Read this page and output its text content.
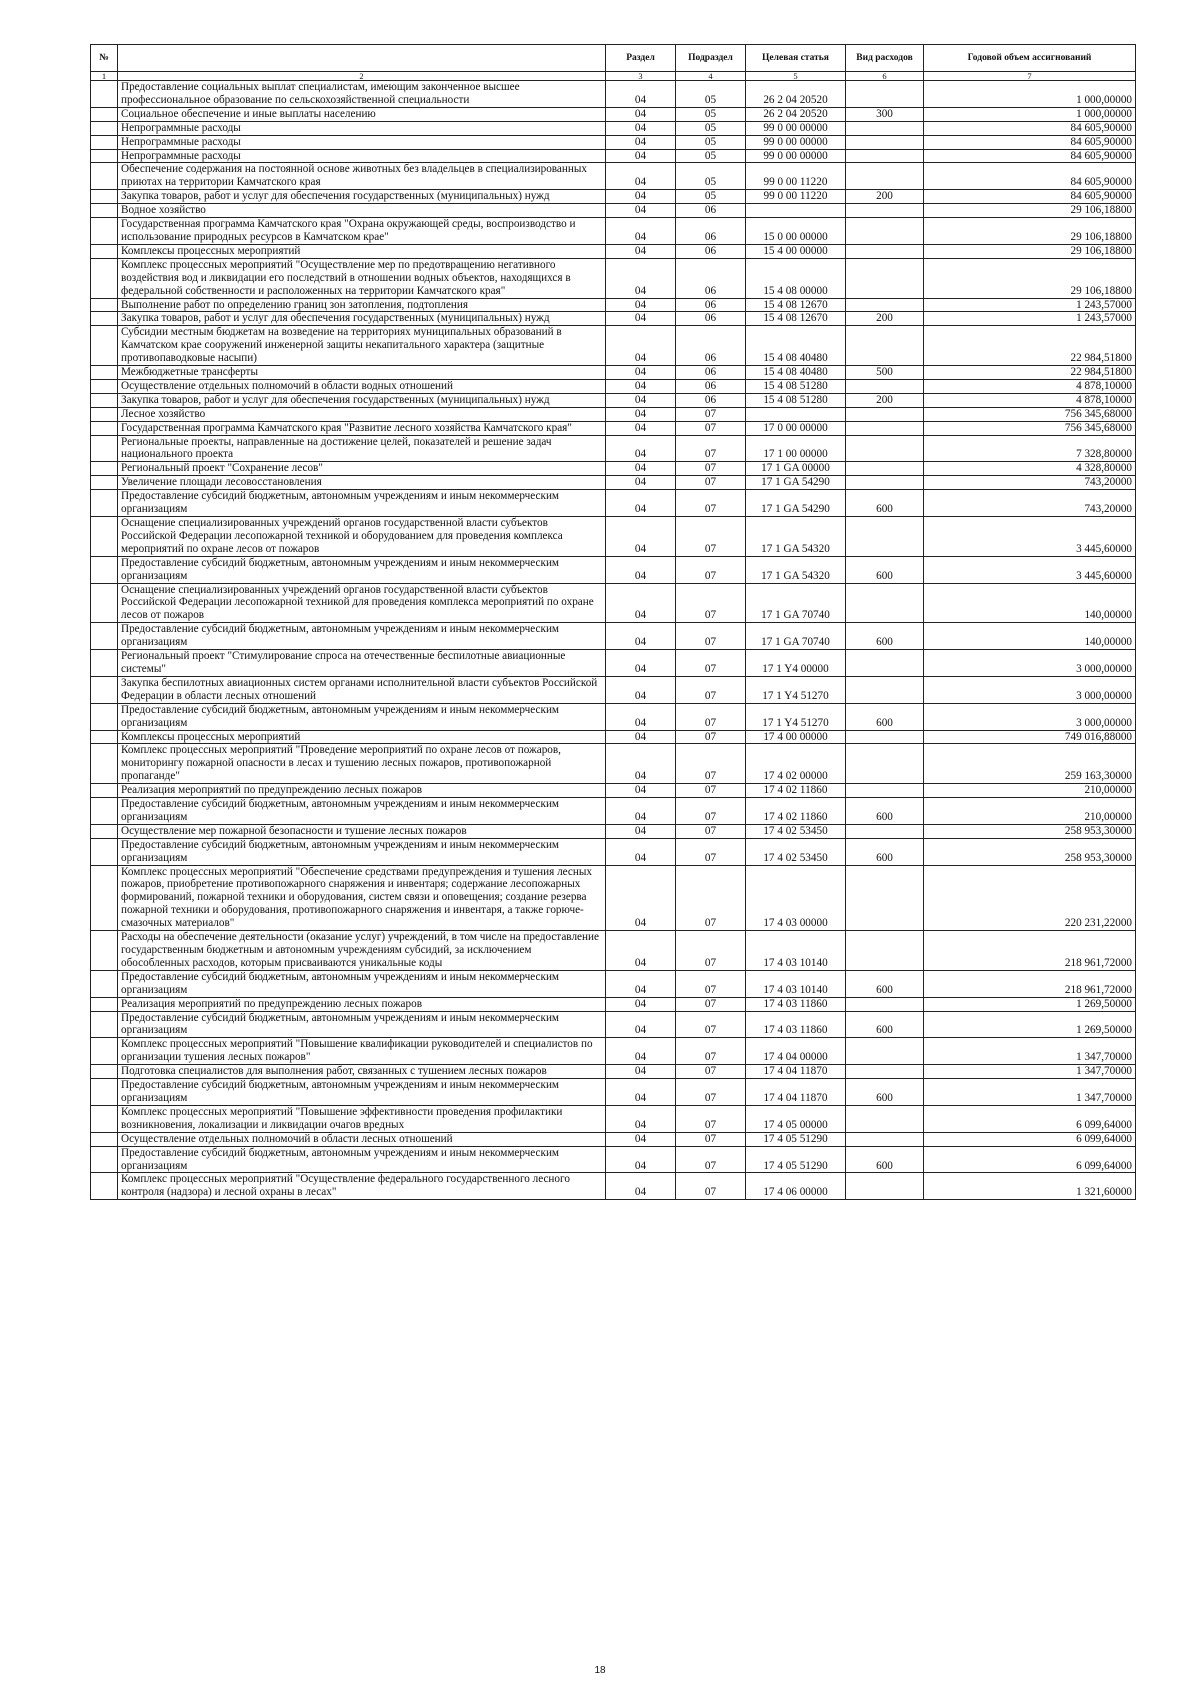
№		Раздел	Подраздел	Целевая статья	Вид расходов	Годовой объем ассигнований
1	2	3	4	5	6	7
	Предоставление социальных выплат специалистам, имеющим законченное высшее профессиональное образование по сельскохозяйственной специальности	04	05	26 2 04 20520		1 000,00000
	Социальное обеспечение и иные выплаты населению	04	05	26 2 04 20520	300	1 000,00000
	Непрограммные расходы	04	05	99 0 00 00000		84 605,90000
	Непрограммные расходы	04	05	99 0 00 00000		84 605,90000
	Непрограммные расходы	04	05	99 0 00 00000		84 605,90000
	Обеспечение содержания на постоянной основе животных без владельцев в специализированных приютах на территории Камчатского края	04	05	99 0 00 11220		84 605,90000
	Закупка товаров, работ и услуг для обеспечения государственных (муниципальных) нужд	04	05	99 0 00 11220	200	84 605,90000
	Водное хозяйство	04	06			29 106,18800
	Государственная программа Камчатского края "Охрана окружающей среды, воспроизводство и использование природных ресурсов в Камчатском крае"	04	06	15 0 00 00000		29 106,18800
	Комплексы процессных мероприятий	04	06	15 4 00 00000		29 106,18800
	Комплекс процессных мероприятий "Осуществление мер по предотвращению негативного воздействия вод и ликвидации его последствий в отношении водных объектов, находящихся в федеральной собственности и расположенных на территории Камчатского края"	04	06	15 4 08 00000		29 106,18800
	Выполнение работ по определению границ зон затопления, подтопления	04	06	15 4 08 12670		1 243,57000
	Закупка товаров, работ и услуг для обеспечения государственных (муниципальных) нужд	04	06	15 4 08 12670	200	1 243,57000
	Субсидии местным бюджетам на возведение на территориях муниципальных образований в Камчатском крае сооружений инженерной защиты некапитального характера (защитные противопаводковые насыпи)	04	06	15 4 08 40480		22 984,51800
	Межбюджетные трансферты	04	06	15 4 08 40480	500	22 984,51800
	Осуществление отдельных полномочий в области водных отношений	04	06	15 4 08 51280		4 878,10000
	Закупка товаров, работ и услуг для обеспечения государственных (муниципальных) нужд	04	06	15 4 08 51280	200	4 878,10000
	Лесное хозяйство	04	07			756 345,68000
	Государственная программа Камчатского края "Развитие лесного хозяйства Камчатского края"	04	07	17 0 00 00000		756 345,68000
	Региональные проекты, направленные на достижение целей, показателей и решение задач национального проекта	04	07	17 1 00 00000		7 328,80000
	Региональный проект "Сохранение лесов"	04	07	17 1 GA 00000		4 328,80000
	Увеличение площади лесовосстановления	04	07	17 1 GA 54290		743,20000
	Предоставление субсидий бюджетным, автономным учреждениям и иным некоммерческим организациям	04	07	17 1 GA 54290	600	743,20000
	Оснащение специализированных учреждений органов государственной власти субъектов Российской Федерации лесопожарной техникой и оборудованием для проведения комплекса мероприятий по охране лесов от пожаров	04	07	17 1 GA 54320		3 445,60000
	Предоставление субсидий бюджетным, автономным учреждениям и иным некоммерческим организациям	04	07	17 1 GA 54320	600	3 445,60000
	Оснащение специализированных учреждений органов государственной власти субъектов Российской Федерации лесопожарной техникой для проведения комплекса мероприятий по охране лесов от пожаров	04	07	17 1 GA 70740		140,00000
	Предоставление субсидий бюджетным, автономным учреждениям и иным некоммерческим организациям	04	07	17 1 GA 70740	600	140,00000
	Региональный проект "Стимулирование спроса на отечественные беспилотные авиационные системы"	04	07	17 1 Y4 00000		3 000,00000
	Закупка беспилотных авиационных систем органами исполнительной власти субъектов Российской Федерации в области лесных отношений	04	07	17 1 Y4 51270		3 000,00000
	Предоставление субсидий бюджетным, автономным учреждениям и иным некоммерческим организациям	04	07	17 1 Y4 51270	600	3 000,00000
	Комплексы процессных мероприятий	04	07	17 4 00 00000		749 016,88000
	Комплекс процессных мероприятий "Проведение мероприятий по охране лесов от пожаров, мониторингу пожарной опасности в лесах и тушению лесных пожаров, противопожарной пропаганде"	04	07	17 4 02 00000		259 163,30000
	Реализация мероприятий по предупреждению лесных пожаров	04	07	17 4 02 11860		210,00000
	Предоставление субсидий бюджетным, автономным учреждениям и иным некоммерческим организациям	04	07	17 4 02 11860	600	210,00000
	Осуществление мер пожарной безопасности и тушение лесных пожаров	04	07	17 4 02 53450		258 953,30000
	Предоставление субсидий бюджетным, автономным учреждениям и иным некоммерческим организациям	04	07	17 4 02 53450	600	258 953,30000
	Комплекс процессных мероприятий "Обеспечение средствами предупреждения и тушения лесных пожаров, приобретение противопожарного снаряжения и инвентаря; содержание лесопожарных формирований, пожарной техники и оборудования, систем связи и оповещения; создание резерва пожарной техники и оборудования, противопожарного снаряжения и инвентаря, а также горюче-смазочных материалов"	04	07	17 4 03 00000		220 231,22000
	Расходы на обеспечение деятельности (оказание услуг) учреждений, в том числе на предоставление государственным бюджетным и автономным учреждениям субсидий, за исключением обособленных расходов, которым присваиваются уникальные коды	04	07	17 4 03 10140		218 961,72000
	Предоставление субсидий бюджетным, автономным учреждениям и иным некоммерческим организациям	04	07	17 4 03 10140	600	218 961,72000
	Реализация мероприятий по предупреждению лесных пожаров	04	07	17 4 03 11860		1 269,50000
	Предоставление субсидий бюджетным, автономным учреждениям и иным некоммерческим организациям	04	07	17 4 03 11860	600	1 269,50000
	Комплекс процессных мероприятий "Повышение квалификации руководителей и специалистов по организации тушения лесных пожаров"	04	07	17 4 04 00000		1 347,70000
	Подготовка специалистов для выполнения работ, связанных с тушением лесных пожаров	04	07	17 4 04 11870		1 347,70000
	Предоставление субсидий бюджетным, автономным учреждениям и иным некоммерческим организациям	04	07	17 4 04 11870	600	1 347,70000
	Комплекс процессных мероприятий "Повышение эффективности проведения профилактики возникновения, локализации и ликвидации очагов вредных	04	07	17 4 05 00000		6 099,64000
	Осуществление отдельных полномочий в области лесных отношений	04	07	17 4 05 51290		6 099,64000
	Предоставление субсидий бюджетным, автономным учреждениям и иным некоммерческим организациям	04	07	17 4 05 51290	600	6 099,64000
	Комплекс процессных мероприятий "Осуществление федерального государственного лесного контроля (надзора) и лесной охраны в лесах"	04	07	17 4 06 00000		1 321,60000
18
